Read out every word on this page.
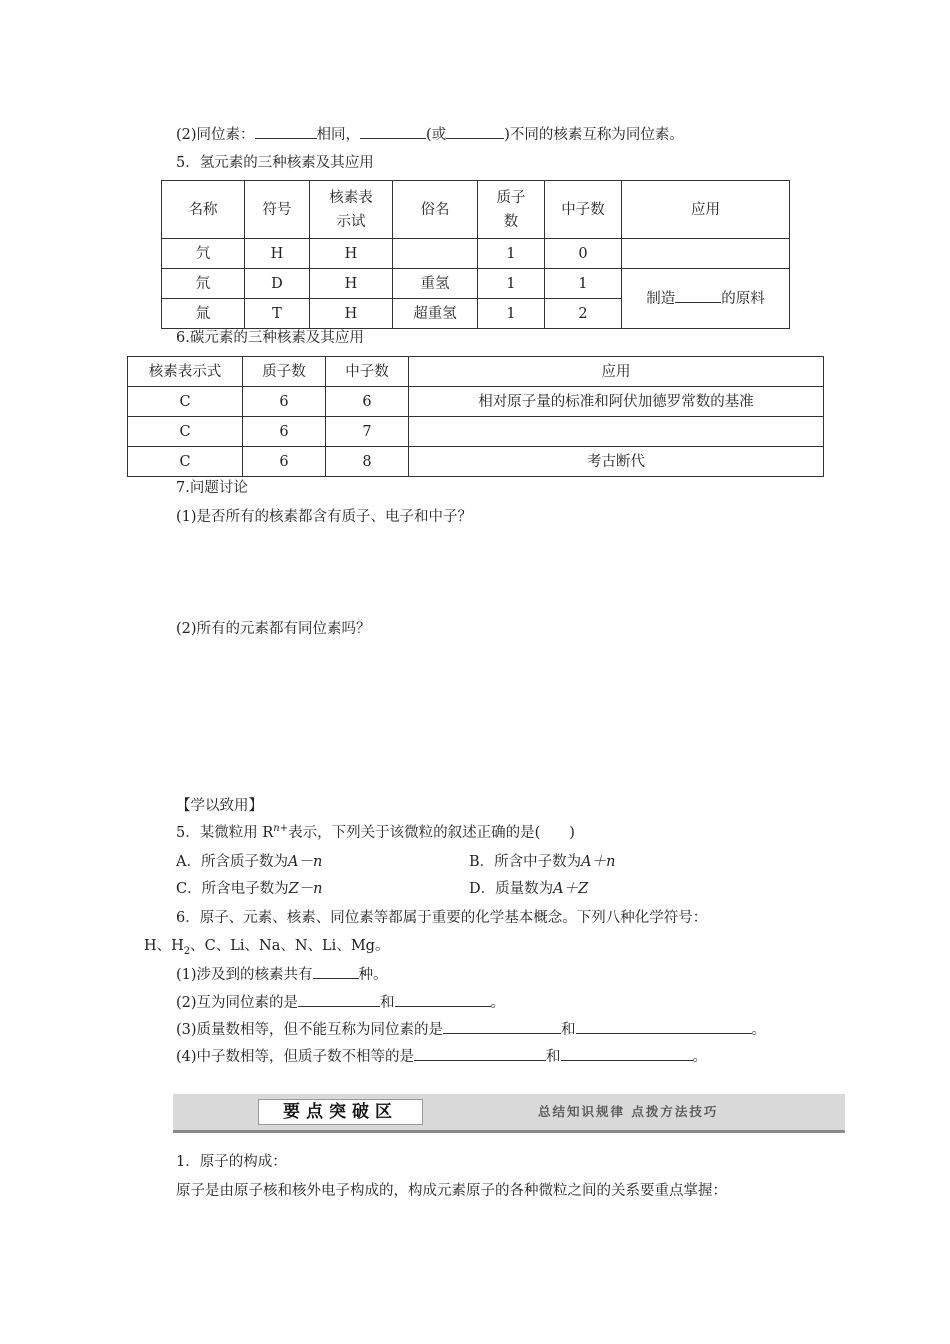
(2)同位素：	相同，	(或	)不同的核素互称为同位素。
5．氢元素的三种核素及其应用
名称	符号	核素表示试	俗名	质子数	中子数	应用
氕	H	H		1	0	
氘	D	H	重氢	1	1	制造 的原料
氚	T	H	超重氢	1	2	
6.碳元素的三种核素及其应用
核素表示式	质子数	中子数	应用
C	6	6	相对原子量的标准和阿伏加德罗常数的基准
C	6	7	
C	6	8	考古断代
7.问题讨论
(1)是否所有的核素都含有质子、电子和中子？
(2)所有的元素都有同位素吗？
【学以致用】
5．某微粒用 $R^{n+}$表示，下列关于该微粒的叙述正确的是(　　)
A．所含质子数为A－n	B．所含中子数为A＋n
C．所含电子数为Z－n	D．质量数为A＋Z
6．原子、元素、核素、同位素等都属于重要的化学基本概念。下列八种化学符号：
H、$H_2$、C、Li、Na、N、Li、Mg。
(1)涉及到的核素共有	种。
(2)互为同位素的是	和	。
(3)质量数相等，但不能互称为同位素的是	和	。
(4)中子数相等，但质子数不相等的是	和	。
要点突破区	总结知识规律 点拨方法技巧
1．原子的构成：
原子是由原子核和核外电子构成的，构成元素原子的各种微粒之间的关系要重点掌握：
